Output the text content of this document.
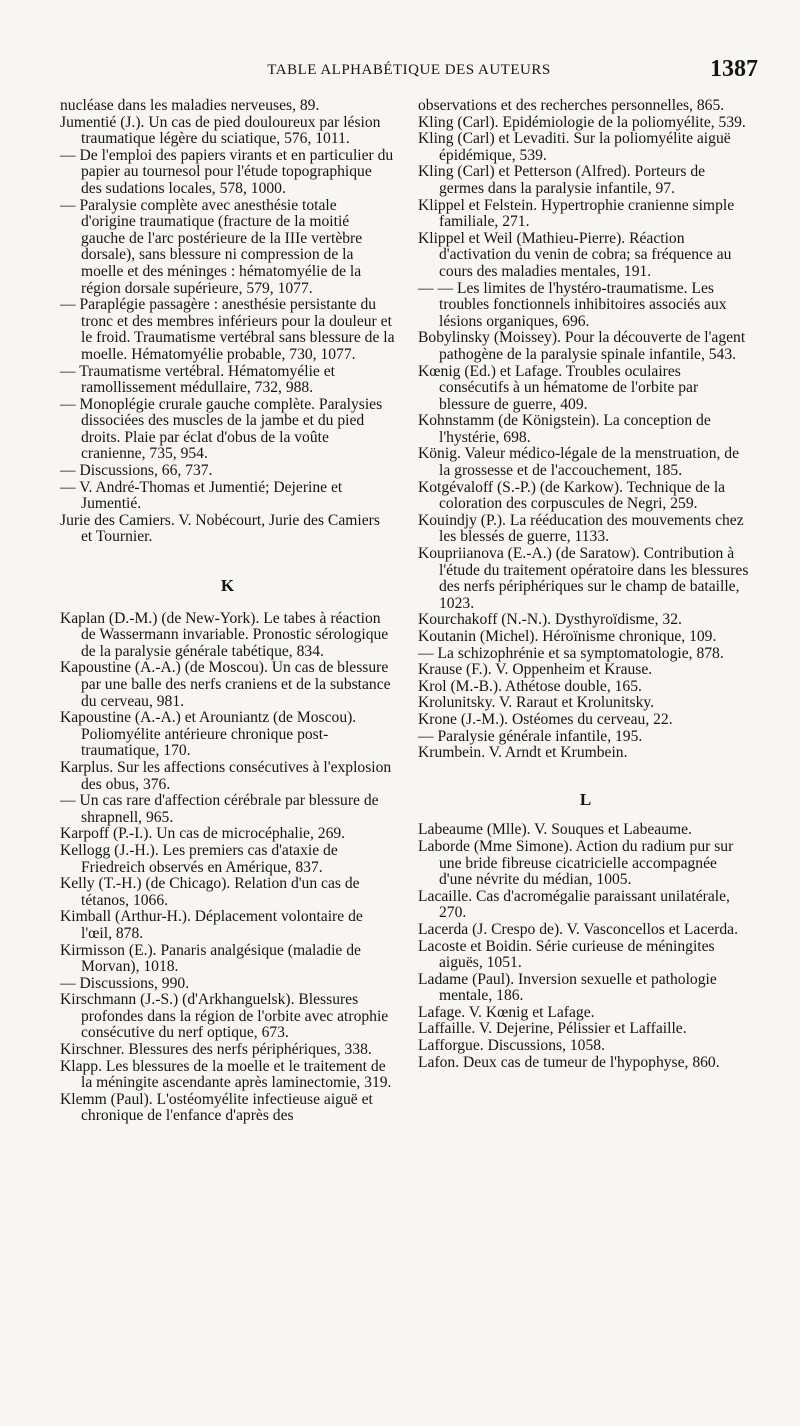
TABLE ALPHABÉTIQUE DES AUTEURS	1387

nucléase dans les maladies nerveuses, 89.

Jumentié (J.). Un cas de pied douloureux par lésion traumatique légère du sciatique, 576, 1011.

— De l'emploi des papiers virants et en particulier du papier au tournesol pour l'étude topographique des sudations locales, 578, 1000.

— Paralysie complète avec anesthésie totale d'origine traumatique (fracture de la moitié gauche de l'arc postérieure de la IIIe vertèbre dorsale), sans blessure ni compression de la moelle et des méninges : hématomyélie de la région dorsale supérieure, 579, 1077.

— Paraplégie passagère : anesthésie persistante du tronc et des membres inférieurs pour la douleur et le froid. Traumatisme vertébral sans blessure de la moelle. Hématomyélie probable, 730, 1077.

— Traumatisme vertébral. Hématomyélie et ramollissement médullaire, 732, 988.

— Monoplégie crurale gauche complète. Paralysies dissociées des muscles de la jambe et du pied droits. Plaie par éclat d'obus de la voûte cranienne, 735, 954.

— Discussions, 66, 737.

— V. André-Thomas et Jumentié; Dejerine et Jumentié.

Jurie des Camiers. V. Nobécourt, Jurie des Camiers et Tournier.

K

Kaplan (D.-M.) (de New-York). Le tabes à réaction de Wassermann invariable. Pronostic sérologique de la paralysie générale tabétique, 834.

Kapoustine (A.-A.) (de Moscou). Un cas de blessure par une balle des nerfs craniens et de la substance du cerveau, 981.

Kapoustine (A.-A.) et Arouniantz (de Moscou). Poliomyélite antérieure chronique post-traumatique, 170.

Karplus. Sur les affections consécutives à l'explosion des obus, 376.

— Un cas rare d'affection cérébrale par blessure de shrapnell, 965.

Karpoff (P.-I.). Un cas de microcéphalie, 269.

Kellogg (J.-H.). Les premiers cas d'ataxie de Friedreich observés en Amérique, 837.

Kelly (T.-H.) (de Chicago). Relation d'un cas de tétanos, 1066.

Kimball (Arthur-H.). Déplacement volontaire de l'œil, 878.

Kirmisson (E.). Panaris analgésique (maladie de Morvan), 1018.

— Discussions, 990.

Kirschmann (J.-S.) (d'Arkhanguelsk). Blessures profondes dans la région de l'orbite avec atrophie consécutive du nerf optique, 673.

Kirschner. Blessures des nerfs périphériques, 338.

Klapp. Les blessures de la moelle et le traitement de la méningite ascendante après laminectomie, 319.

Klemm (Paul). L'ostéomyélite infectieuse aiguë et chronique de l'enfance d'après des

observations et des recherches personnelles, 865.

Kling (Carl). Epidémiologie de la poliomyélite, 539.

Kling (Carl) et Levaditi. Sur la poliomyélite aiguë épidémique, 539.

Kling (Carl) et Petterson (Alfred). Porteurs de germes dans la paralysie infantile, 97.

Klippel et Felstein. Hypertrophie cranienne simple familiale, 271.

Klippel et Weil (Mathieu-Pierre). Réaction d'activation du venin de cobra; sa fréquence au cours des maladies mentales, 191.

— — Les limites de l'hystéro-traumatisme. Les troubles fonctionnels inhibitoires associés aux lésions organiques, 696.

Bobylinsky (Moissey). Pour la découverte de l'agent pathogène de la paralysie spinale infantile, 543.

Kœnig (Ed.) et Lafage. Troubles oculaires consécutifs à un hématome de l'orbite par blessure de guerre, 409.

Kohnstamm (de Königstein). La conception de l'hystérie, 698.

König. Valeur médico-légale de la menstruation, de la grossesse et de l'accouchement, 185.

Kotgévaloff (S.-P.) (de Karkow). Technique de la coloration des corpuscules de Negri, 259.

Kouindjy (P.). La rééducation des mouvements chez les blessés de guerre, 1133.

Koupriianova (E.-A.) (de Saratow). Contribution à l'étude du traitement opératoire dans les blessures des nerfs périphériques sur le champ de bataille, 1023.

Kourchakoff (N.-N.). Dysthyroïdisme, 32.

Koutanin (Michel). Héroïnisme chronique, 109.

— La schizophrénie et sa symptomatologie, 878.

Krause (F.). V. Oppenheim et Krause.

Krol (M.-B.). Athétose double, 165.

Krolunitsky. V. Raraut et Krolunitsky.

Krone (J.-M.). Ostéomes du cerveau, 22.

— Paralysie générale infantile, 195.

Krumbein. V. Arndt et Krumbein.

L

Labeaume (Mlle). V. Souques et Labeaume.

Laborde (Mme Simone). Action du radium pur sur une bride fibreuse cicatricielle accompagnée d'une névrite du médian, 1005.

Lacaille. Cas d'acromégalie paraissant unilatérale, 270.

Lacerda (J. Crespo de). V. Vasconcellos et Lacerda.

Lacoste et Boidin. Série curieuse de méningites aiguës, 1051.

Ladame (Paul). Inversion sexuelle et pathologie mentale, 186.

Lafage. V. Kœnig et Lafage.

Laffaille. V. Dejerine, Pélissier et Laffaille.

Lafforgue. Discussions, 1058.

Lafon. Deux cas de tumeur de l'hypophyse, 860.
